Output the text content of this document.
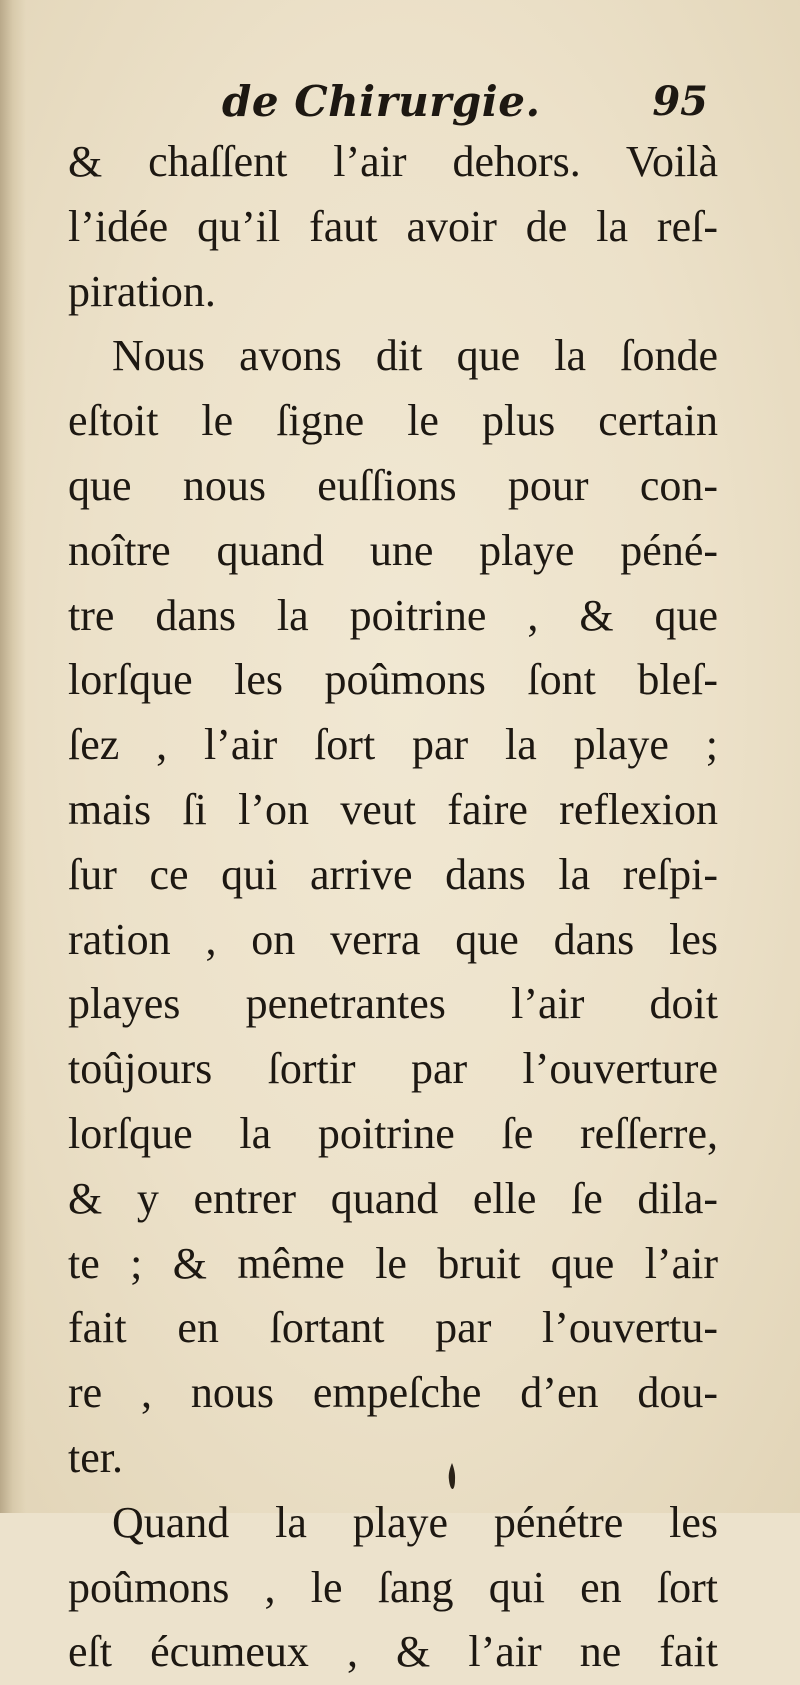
de Chirurgie.	95
& chaſſent l’air dehors. Voilà
l’idée qu’il faut avoir de la reſ-
piration.
Nous avons dit que la ſonde
eſtoit le ſigne le plus certain
que nous euſſions pour con-
noître quand une playe péné-
tre dans la poitrine , & que
lorſque les poûmons ſont bleſ-
ſez , l’air ſort par la playe ;
mais ſi l’on veut faire reflexion
ſur ce qui arrive dans la reſpi-
ration , on verra que dans les
playes penetrantes l’air doit
toûjours ſortir par l’ouverture
lorſque la poitrine ſe reſſerre,
& y entrer quand elle ſe dila-
te ; & même le bruit que l’air
fait en ſortant par l’ouvertu-
re , nous empeſche d’en dou-
ter.
Quand la playe pénétre les
poûmons , le ſang qui en ſort
eſt écumeux , & l’air ne fait
